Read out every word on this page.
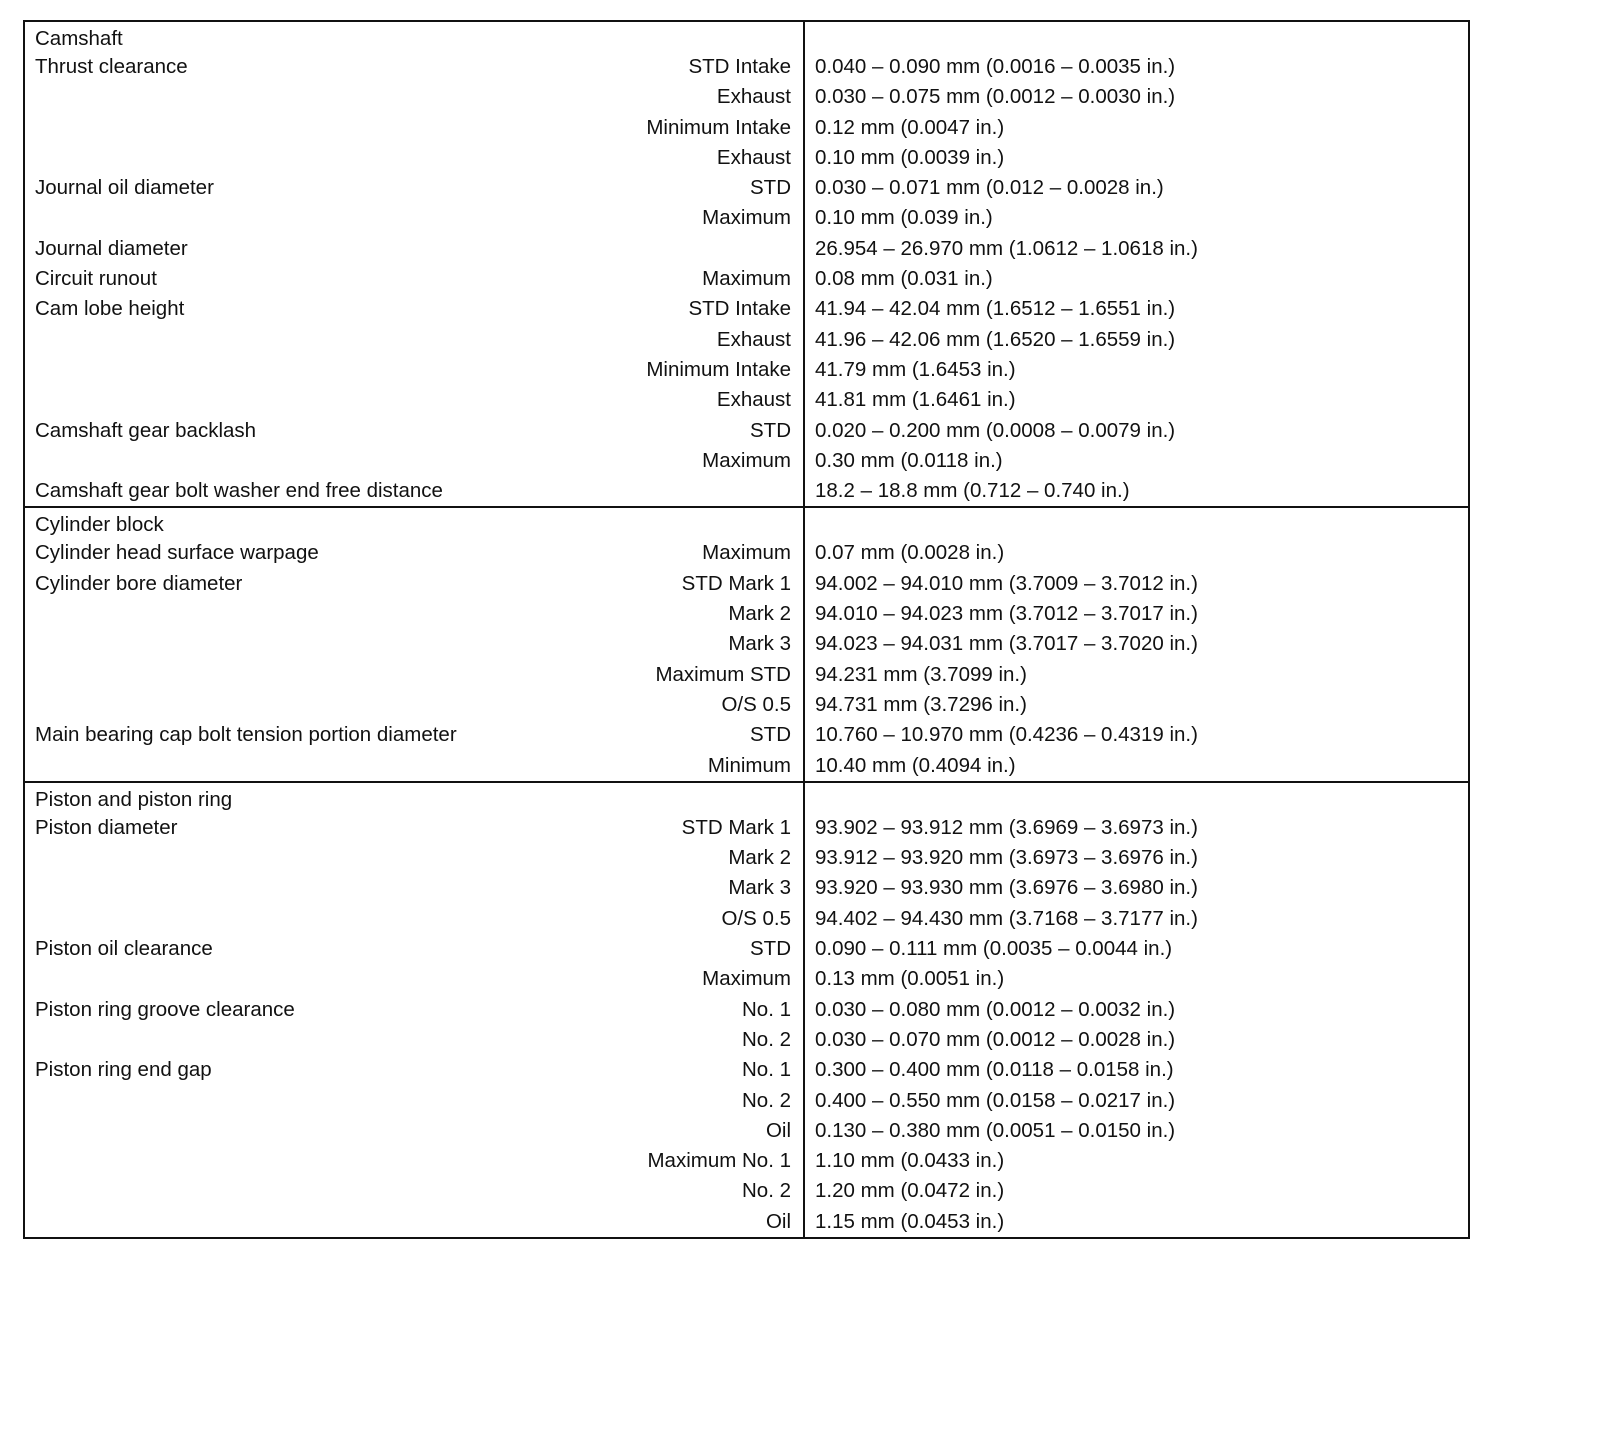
Camshaft
Thrust clearance	STD Intake	0.040 – 0.090 mm (0.0016 – 0.0035 in.)
Exhaust	0.030 – 0.075 mm (0.0012 – 0.0030 in.)
Minimum Intake	0.12 mm (0.0047 in.)
Exhaust	0.10 mm (0.0039 in.)
Journal oil diameter	STD	0.030 – 0.071 mm (0.012 – 0.0028 in.)
Maximum	0.10 mm (0.039 in.)
Journal diameter	26.954 – 26.970 mm (1.0612 – 1.0618 in.)
Circuit runout	Maximum	0.08 mm (0.031 in.)
Cam lobe height	STD Intake	41.94 – 42.04 mm (1.6512 – 1.6551 in.)
Exhaust	41.96 – 42.06 mm (1.6520 – 1.6559 in.)
Minimum Intake	41.79 mm (1.6453 in.)
Exhaust	41.81 mm (1.6461 in.)
Camshaft gear backlash	STD	0.020 – 0.200 mm (0.0008 – 0.0079 in.)
Maximum	0.30 mm (0.0118 in.)
Camshaft gear bolt washer end free distance	18.2 – 18.8 mm (0.712 – 0.740 in.)
Cylinder block
Cylinder head surface warpage	Maximum	0.07 mm (0.0028 in.)
Cylinder bore diameter	STD Mark 1	94.002 – 94.010 mm (3.7009 – 3.7012 in.)
Mark 2	94.010 – 94.023 mm (3.7012 – 3.7017 in.)
Mark 3	94.023 – 94.031 mm (3.7017 – 3.7020 in.)
Maximum STD	94.231 mm (3.7099 in.)
O/S 0.5	94.731 mm (3.7296 in.)
Main bearing cap bolt tension portion diameter	STD	10.760 – 10.970 mm (0.4236 – 0.4319 in.)
Minimum	10.40 mm (0.4094 in.)
Piston and piston ring
Piston diameter	STD Mark 1	93.902 – 93.912 mm (3.6969 – 3.6973 in.)
Mark 2	93.912 – 93.920 mm (3.6973 – 3.6976 in.)
Mark 3	93.920 – 93.930 mm (3.6976 – 3.6980 in.)
O/S 0.5	94.402 – 94.430 mm (3.7168 – 3.7177 in.)
Piston oil clearance	STD	0.090 – 0.111 mm (0.0035 – 0.0044 in.)
Maximum	0.13 mm (0.0051 in.)
Piston ring groove clearance	No. 1	0.030 – 0.080 mm (0.0012 – 0.0032 in.)
No. 2	0.030 – 0.070 mm (0.0012 – 0.0028 in.)
Piston ring end gap	No. 1	0.300 – 0.400 mm (0.0118 – 0.0158 in.)
No. 2	0.400 – 0.550 mm (0.0158 – 0.0217 in.)
Oil	0.130 – 0.380 mm (0.0051 – 0.0150 in.)
Maximum No. 1	1.10 mm (0.0433 in.)
No. 2	1.20 mm (0.0472 in.)
Oil	1.15 mm (0.0453 in.)
